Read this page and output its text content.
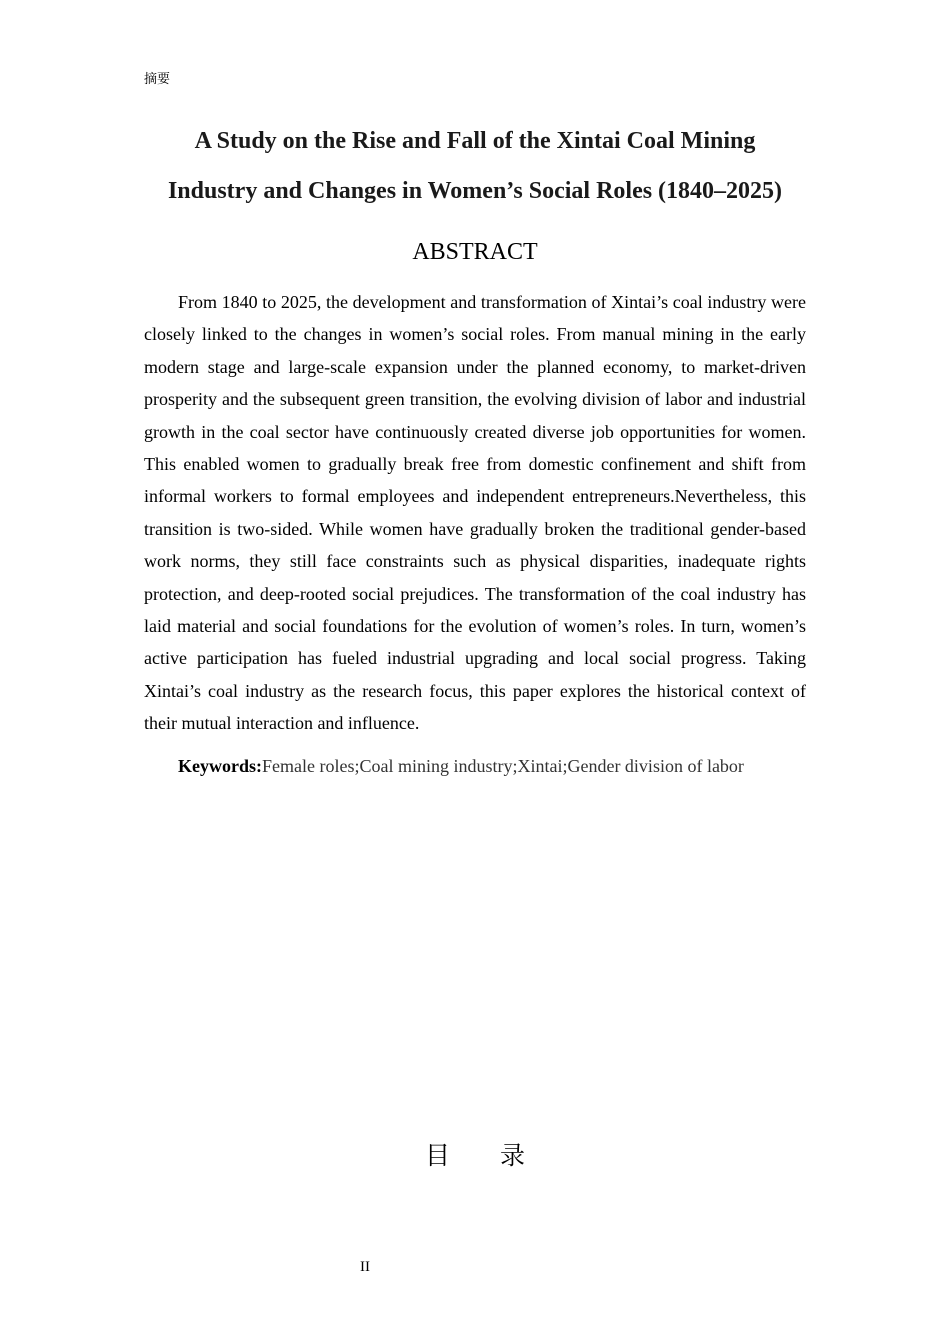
摘要
A Study on the Rise and Fall of the Xintai Coal Mining
Industry and Changes in Women’s Social Roles (1840–2025)
ABSTRACT

From 1840 to 2025, the development and transformation of Xintai’s coal industry were closely linked to the changes in women’s social roles. From manual mining in the early modern stage and large-scale expansion under the planned economy, to market-driven prosperity and the subsequent green transition, the evolving division of labor and industrial growth in the coal sector have continuously created diverse job opportunities for women. This enabled women to gradually break free from domestic confinement and shift from informal workers to formal employees and independent entrepreneurs.Nevertheless, this transition is two-sided. While women have gradually broken the traditional gender-based work norms, they still face constraints such as physical disparities, inadequate rights protection, and deep-rooted social prejudices. The transformation of the coal industry has laid material and social foundations for the evolution of women’s roles. In turn, women’s active participation has fueled industrial upgrading and local social progress. Taking Xintai’s coal industry as the research focus, this paper explores the historical context of their mutual interaction and influence.

Keywords:Female roles;Coal mining industry;Xintai;Gender division of labor
目录
II
